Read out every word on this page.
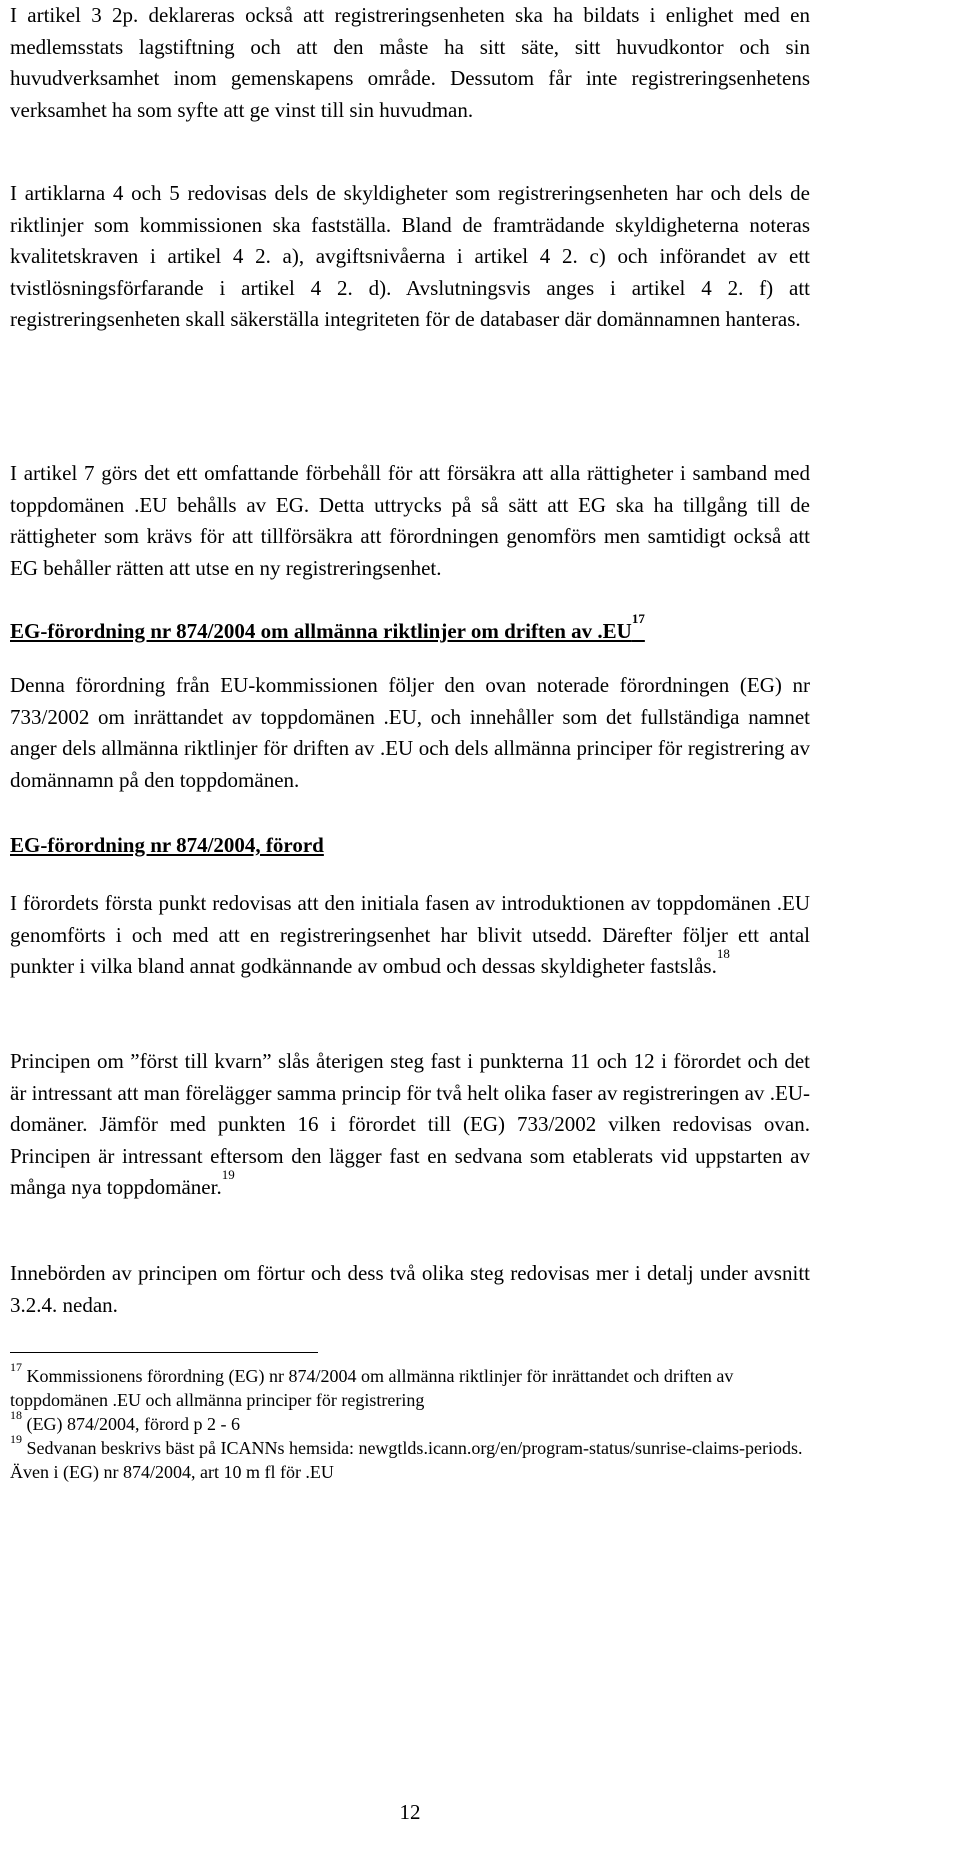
I artikel 3 2p. deklareras också att registreringsenheten ska ha bildats i enlighet med en medlemsstats lagstiftning och att den måste ha sitt säte, sitt huvudkontor och sin huvudverksamhet inom gemenskapens område. Dessutom får inte registreringsenhetens verksamhet ha som syfte att ge vinst till sin huvudman.

I artiklarna 4 och 5 redovisas dels de skyldigheter som registreringsenheten har och dels de riktlinjer som kommissionen ska fastställa. Bland de framträdande skyldigheterna noteras kvalitetskraven i artikel 4 2. a), avgiftsnivåerna i artikel 4 2. c) och införandet av ett tvistlösningsförfarande i artikel 4 2. d). Avslutningsvis anges i artikel 4 2. f) att registreringsenheten skall säkerställa integriteten för de databaser där domännamnen hanteras.

I artikel 7 görs det ett omfattande förbehåll för att försäkra att alla rättigheter i samband med toppdomänen .EU behålls av EG. Detta uttrycks på så sätt att EG ska ha tillgång till de rättigheter som krävs för att tillförsäkra att förordningen genomförs men samtidigt också att EG behåller rätten att utse en ny registreringsenhet.

EG-förordning nr 874/2004 om allmänna riktlinjer om driften av .EU$^{17}$

Denna förordning från EU-kommissionen följer den ovan noterade förordningen (EG) nr 733/2002 om inrättandet av toppdomänen .EU, och innehåller som det fullständiga namnet anger dels allmänna riktlinjer för driften av .EU och dels allmänna principer för registrering av domännamn på den toppdomänen.

EG-förordning nr 874/2004, förord

I förordets första punkt redovisas att den initiala fasen av introduktionen av toppdomänen .EU genomförts i och med att en registreringsenhet har blivit utsedd. Därefter följer ett antal punkter i vilka bland annat godkännande av ombud och dessas skyldigheter fastslås.$^{18}$

Principen om ”först till kvarn” slås återigen steg fast i punkterna 11 och 12 i förordet och det är intressant att man förelägger samma princip för två helt olika faser av registreringen av .EU-domäner. Jämför med punkten 16 i förordet till (EG) 733/2002 vilken redovisas ovan. Principen är intressant eftersom den lägger fast en sedvana som etablerats vid uppstarten av många nya toppdomäner.$^{19}$

Innebörden av principen om förtur och dess två olika steg redovisas mer i detalj under avsnitt 3.2.4. nedan.

$^{17}$ Kommissionens förordning (EG) nr 874/2004 om allmänna riktlinjer för inrättandet och driften av toppdomänen .EU och allmänna principer för registrering

$^{18}$ (EG) 874/2004, förord p 2 - 6

$^{19}$ Sedvanan beskrivs bäst på ICANNs hemsida: newgtlds.icann.org/en/program-status/sunrise-claims-periods. Även i (EG) nr 874/2004, art 10 m fl för .EU

12
